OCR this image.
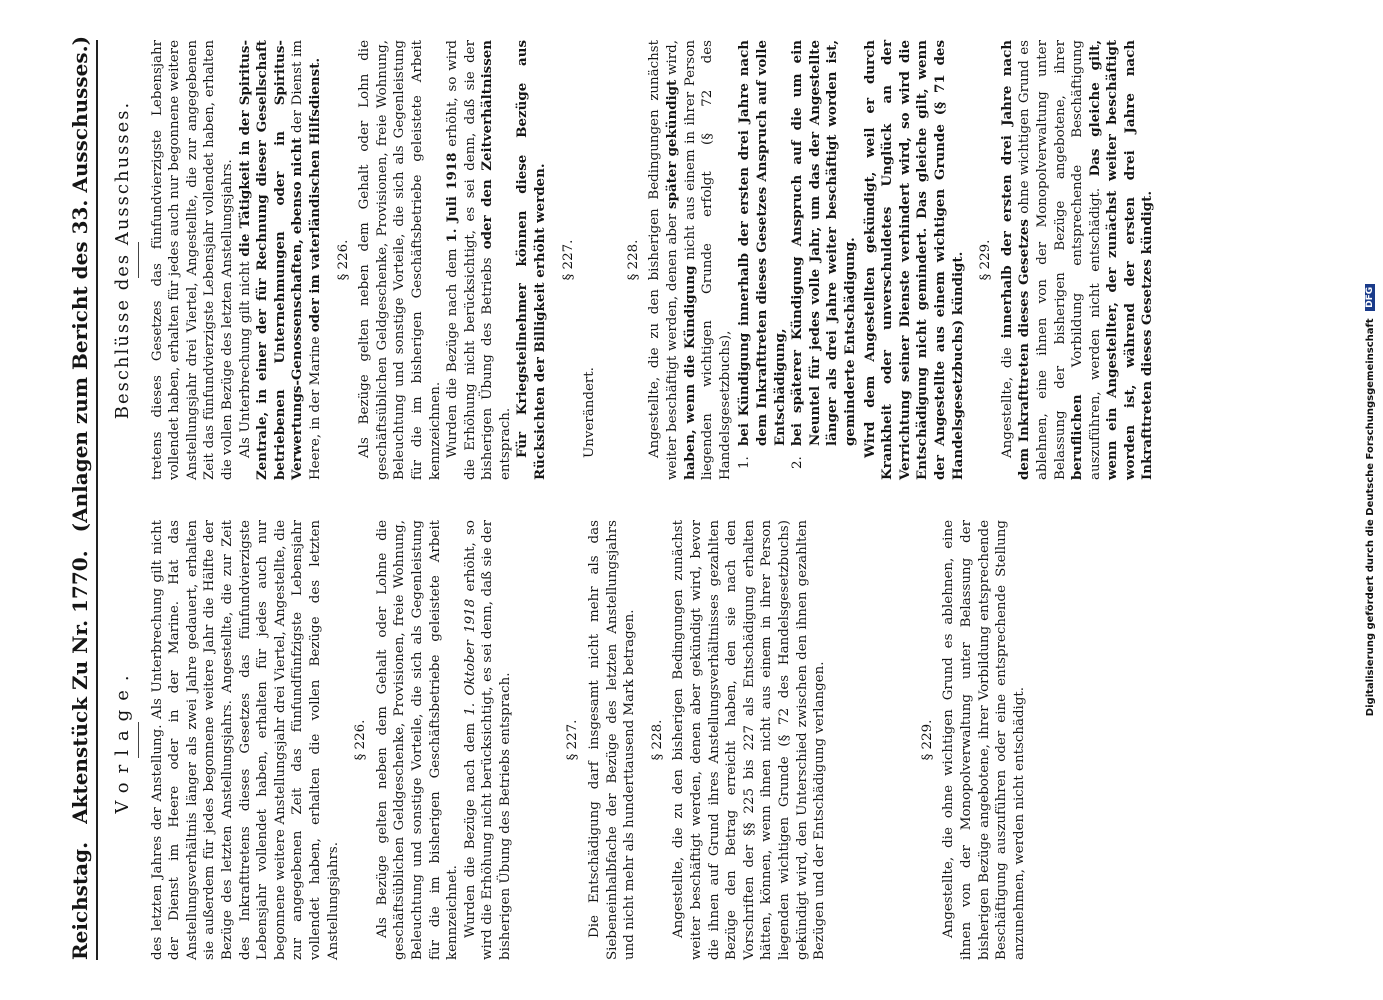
Reichstag.
Aktenstück Zu Nr. 1770.
(Anlagen zum Bericht des 33. Ausschusses.)
Vorlage. des letzten Jahres der Anstellung. Als Unterbrechung gilt nicht der Dienst im Heere oder in der Marine. Hat das Anstellungsverhältnis länger als zwei Jahre gedauert, erhalten sie außerdem für jedes begonnene weitere Jahr die Hälfte der Bezüge des letzten Anstellungsjahrs. Angestellte, die zur Zeit des Inkrafttretens dieses Gesetzes das fünfundvierzigste Lebensjahr vollendet haben, erhalten für jedes auch nur begonnene weitere Anstellungsjahr drei Viertel, Angestellte, die zur angegebenen Zeit das fünfundfünfzigste Lebensjahr vollendet haben, erhalten die vollen Bezüge des letzten Anstellungsjahrs.

§ 226. Als Bezüge gelten neben dem Gehalt oder Lohne die geschäftsüblichen Geldgeschenke, Provisionen, freie Wohnung, Beleuchtung und sonstige Vorteile, die sich als Gegenleistung für die im bisherigen Geschäftsbetriebe geleistete Arbeit kennzeichnet. Wurden die Bezüge nach dem 1. Oktober 1918 erhöht, so wird die Erhöhung nicht berücksichtigt, es sei denn, daß sie der bisherigen Übung des Betriebs entsprach.	§ 227. Die Entschädigung darf insgesamt nicht mehr als das Siebeneinhalbfache der Bezüge des letzten Anstellungsjahrs und nicht mehr als hunderttausend Mark betragen. § 228. Angestellte, die zu den bisherigen Bedingungen zunächst weiter beschäftigt werden, denen aber gekündigt wird, bevor die ihnen auf Grund ihres Anstellungsverhältnisses gezahlten Bezüge den Betrag erreicht haben, den sie nach den Vorschriften der §§ 225 bis 227 als Entschädigung erhalten hätten, können, wenn ihnen nicht aus einem in ihrer Person liegenden wichtigen Grunde (§ 72 des Handelsgesetzbuchs) gekündigt wird, den Unterschied zwischen den ihnen gezahlten Bezügen und der Entschädigung verlangen.	§ 229. Angestellte, die ohne wichtigen Grund es ablehnen, eine ihnen von der Monopolverwaltung unter Belassung der bisherigen Bezüge angebotene, ihrer Vorbildung entsprechende Beschäftigung auszuführen oder eine entsprechende Stellung anzunehmen, werden nicht entschädigt.

Beschlüsse des Ausschusses. tretens dieses Gesetzes das fünfundvierzigste Lebensjahr vollendet haben, erhalten für jedes auch nur begonnene weitere Anstellungsjahr drei Viertel, Angestellte, die zur angegebenen Zeit das fünfundvierzigste Lebensjahr vollendet haben, erhalten die vollen Bezüge des letzten Anstellungsjahrs. Als Unterbrechung gilt nicht die Tätigkeit in der Spiritus-Zentrale, in einer der für Rechnung dieser Gesellschaft betriebenen Unternehmungen oder in Spiritus-Verwertungs-Genossenschaften, ebenso nicht der Dienst im Heere, in der Marine oder im vaterländischen Hilfsdienst. § 226. Als Bezüge gelten neben dem Gehalt oder Lohn die geschäftsüblichen Geldgeschenke, Provisionen, freie Wohnung, Beleuchtung und sonstige Vorteile, die sich als Gegenleistung für die im bisherigen Geschäftsbetriebe geleistete Arbeit kennzeichnen. Wurden die Bezüge nach dem 1. Juli 1918 erhöht, so wird die Erhöhung nicht berücksichtigt, es sei denn, daß sie der bisherigen Übung des Betriebs oder den Zeitverhältnissen entsprach. Für Kriegsteilnehmer können diese Bezüge aus Rücksichten der Billigkeit erhöht werden. § 227.

Unverändert.

§ 228. Angestellte, die zu den bisherigen Bedingungen zunächst weiter beschäftigt werden, denen aber später gekündigt wird, haben, wenn die Kündigung nicht aus einem in ihrer Person liegenden wichtigen Grunde erfolgt (§ 72 des Handelsgesetzbuchs), 1. bei Kündigung innerhalb der ersten drei Jahre nach dem Inkrafttreten dieses Gesetzes Anspruch auf volle Entschädigung, 2. bei späterer Kündigung Anspruch auf die um ein Neuntel für jedes volle Jahr, um das der Angestellte länger als drei Jahre weiter beschäftigt worden ist, geminderte Entschädigung. Wird dem Angestellten gekündigt, weil er durch Krankheit oder unverschuldetes Unglück an der Verrichtung seiner Dienste verhindert wird, so wird die Entschädigung nicht gemindert. Das gleiche gilt, wenn der Angestellte aus einem wichtigen Grunde (§ 71 des Handelsgesetzbuchs) kündigt. § 229.

Angestellte, die innerhalb der ersten drei Jahre nach dem Inkrafttreten dieses Gesetzes ohne wichtigen Grund es ablehnen, eine ihnen von der Monopolverwaltung unter Belassung der bisherigen Bezüge angebotene, ihrer beruflichen Vorbildung entsprechende Beschäftigung auszuführen, werden nicht entschädigt. Das gleiche gilt, wenn ein Angestellter, der zunächst weiter beschäftigt worden ist, während der ersten drei Jahre nach Inkrafttreten dieses Gesetzes kündigt.	Digitalisierung gefördert durch die Deutsche Forschungsgemeinschaft DFG
